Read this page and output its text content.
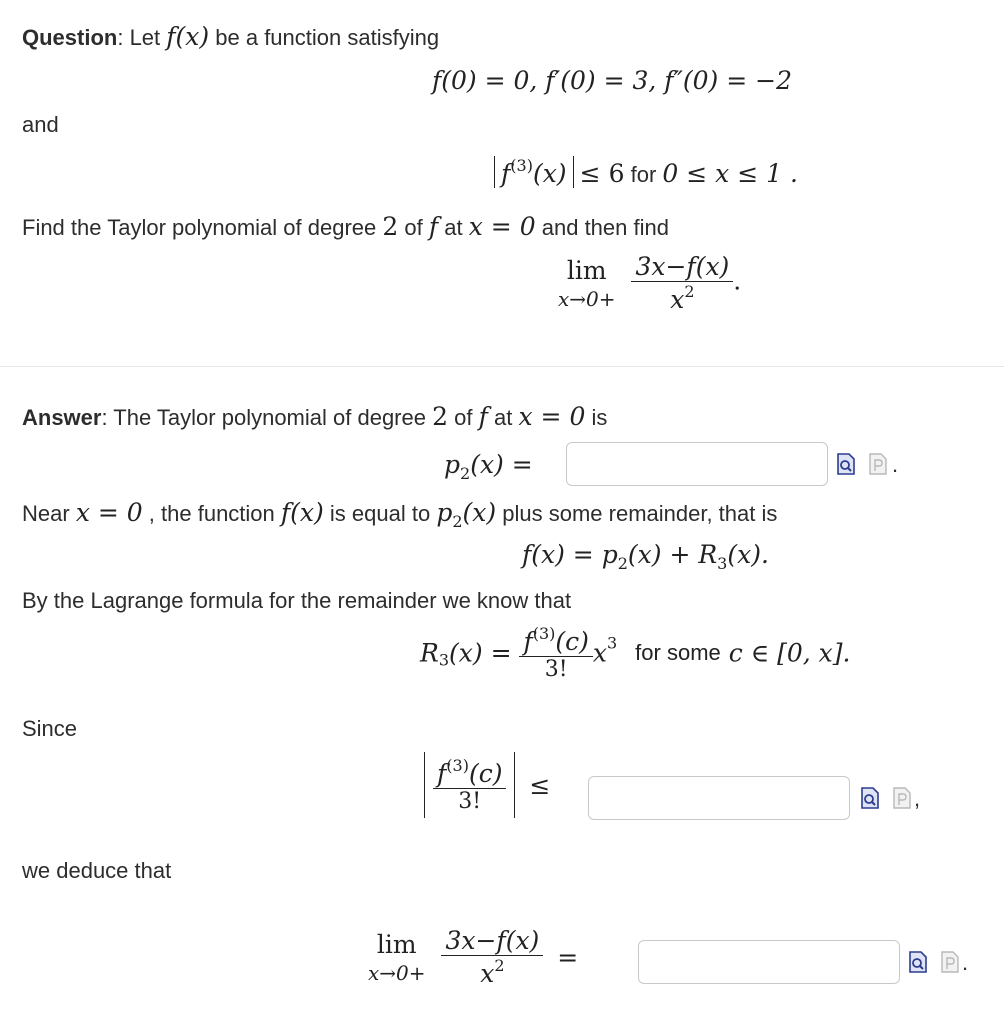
Question: Let f(x) be a function satisfying
f(0) = 0, f′(0) = 3, f″(0) = −2
and
$f^{(3)}(x) \le 6$ for 0 ≤ x ≤ 1 .
Find the Taylor polynomial of degree 2 of f at x = 0 and then find
lim
x→0+
$\frac{3x-f(x)}{x^2}$ .
Answer: The Taylor polynomial of degree 2 of f at x = 0 is
$p_2(x)$ =	.
Near x = 0 , the function f(x) is equal to $p_2(x)$ plus some remainder, that is
$f(x) = p_2(x) + R_3(x)$.
By the Lagrange formula for the remainder we know that
$R_3(x) = \frac{f^{(3)}(c)}{3!} x^3$ for some c ∈ [0, x].
Since
$\frac{f^{(3)}(c)}{3!}$ ≤	,
we deduce that
lim
x→0+
$\frac{3x-f(x)}{x^2}$ =	.
